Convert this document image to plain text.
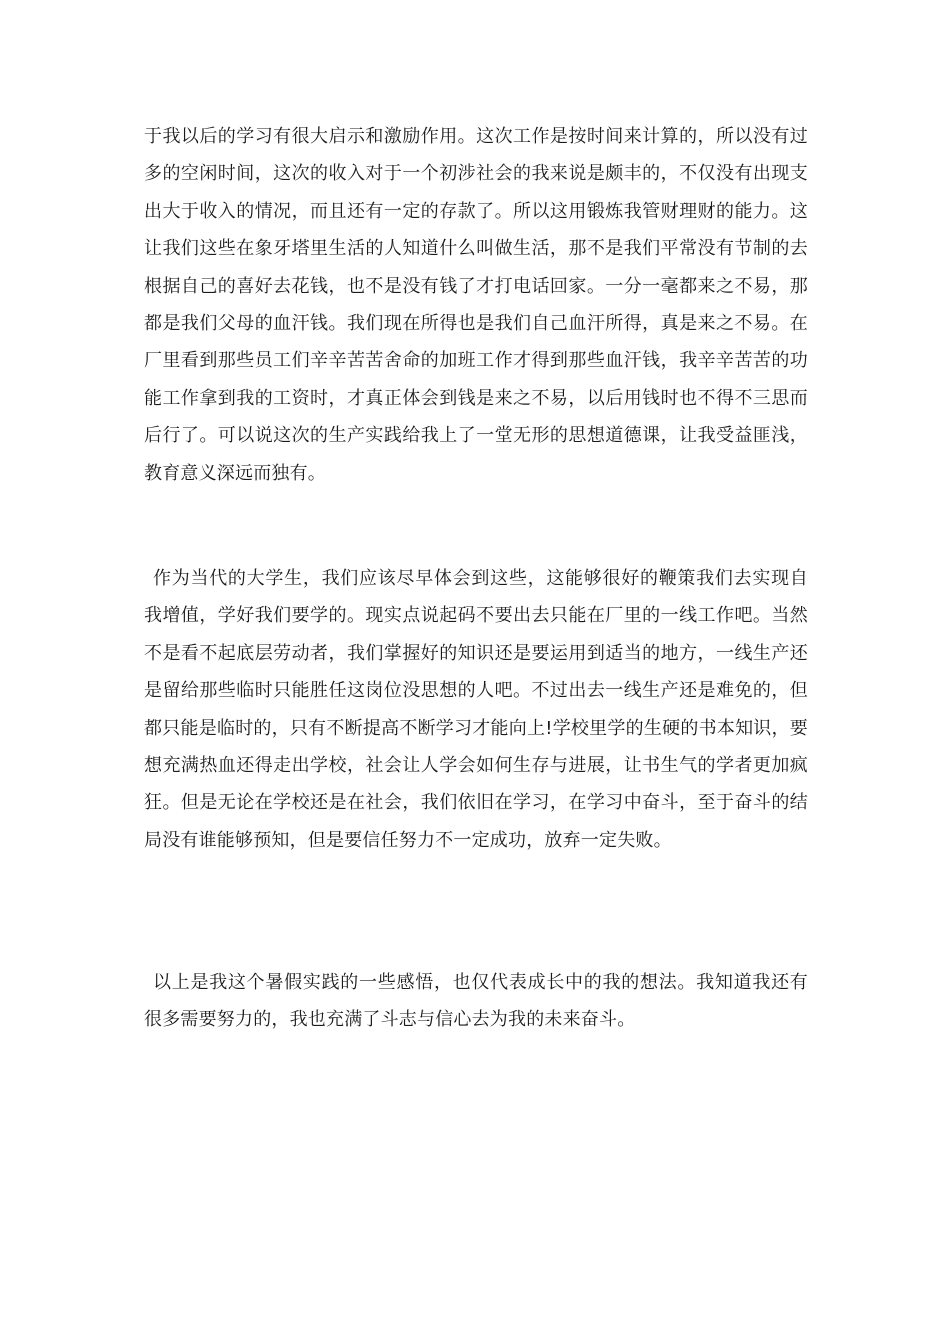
于我以后的学习有很大启示和激励作用。这次工作是按时间来计算的，所以没有过多的空闲时间，这次的收入对于一个初涉社会的我来说是颇丰的，不仅没有出现支出大于收入的情况，而且还有一定的存款了。所以这用锻炼我管财理财的能力。这让我们这些在象牙塔里生活的人知道什么叫做生活，那不是我们平常没有节制的去根据自己的喜好去花钱，也不是没有钱了才打电话回家。一分一毫都来之不易，那都是我们父母的血汗钱。我们现在所得也是我们自己血汗所得，真是来之不易。在厂里看到那些员工们辛辛苦苦舍命的加班工作才得到那些血汗钱，我辛辛苦苦的功能工作拿到我的工资时，才真正体会到钱是来之不易，以后用钱时也不得不三思而后行了。可以说这次的生产实践给我上了一堂无形的思想道德课，让我受益匪浅，教育意义深远而独有。

作为当代的大学生，我们应该尽早体会到这些，这能够很好的鞭策我们去实现自我增值，学好我们要学的。现实点说起码不要出去只能在厂里的一线工作吧。当然不是看不起底层劳动者，我们掌握好的知识还是要运用到适当的地方，一线生产还是留给那些临时只能胜任这岗位没思想的人吧。不过出去一线生产还是难免的，但都只能是临时的，只有不断提高不断学习才能向上!学校里学的生硬的书本知识，要想充满热血还得走出学校，社会让人学会如何生存与进展，让书生气的学者更加疯狂。但是无论在学校还是在社会，我们依旧在学习，在学习中奋斗，至于奋斗的结局没有谁能够预知，但是要信任努力不一定成功，放弃一定失败。

以上是我这个暑假实践的一些感悟，也仅代表成长中的我的想法。我知道我还有很多需要努力的，我也充满了斗志与信心去为我的未来奋斗。
